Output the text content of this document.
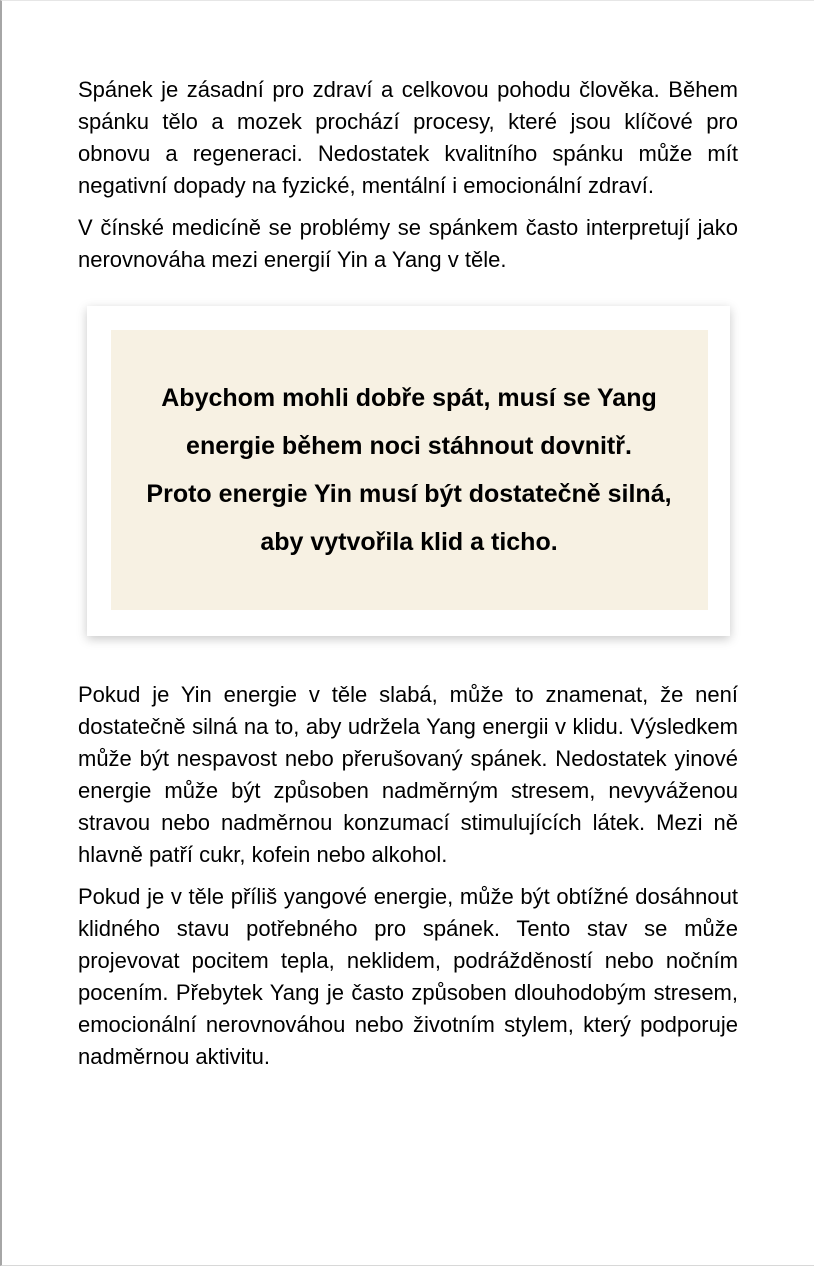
Spánek je zásadní pro zdraví a celkovou pohodu člověka. Během spánku tělo a mozek prochází procesy, které jsou klíčové pro obnovu a regeneraci. Nedostatek kvalitního spánku může mít negativní dopady na fyzické, mentální i emocionální zdraví.

V čínské medicíně se problémy se spánkem často interpretují jako nerovnováha mezi energií Yin a Yang v těle.

Abychom mohli dobře spát, musí se Yang
energie během noci stáhnout dovnitř.
Proto energie Yin musí být dostatečně silná,
aby vytvořila klid a ticho.

Pokud je Yin energie v těle slabá, může to znamenat, že není dostatečně silná na to, aby udržela Yang energii v klidu. Výsledkem může být nespavost nebo přerušovaný spánek. Nedostatek yinové energie může být způsoben nadměrným stresem, nevyváženou stravou nebo nadměrnou konzumací stimulujících látek. Mezi ně hlavně patří cukr, kofein nebo alkohol.

Pokud je v těle příliš yangové energie, může být obtížné dosáhnout klidného stavu potřebného pro spánek. Tento stav se může projevovat pocitem tepla, neklidem, podrážděností nebo nočním pocením. Přebytek Yang je často způsoben dlouhodobým stresem, emocionální nerovnováhou nebo životním stylem, který podporuje nadměrnou aktivitu.
